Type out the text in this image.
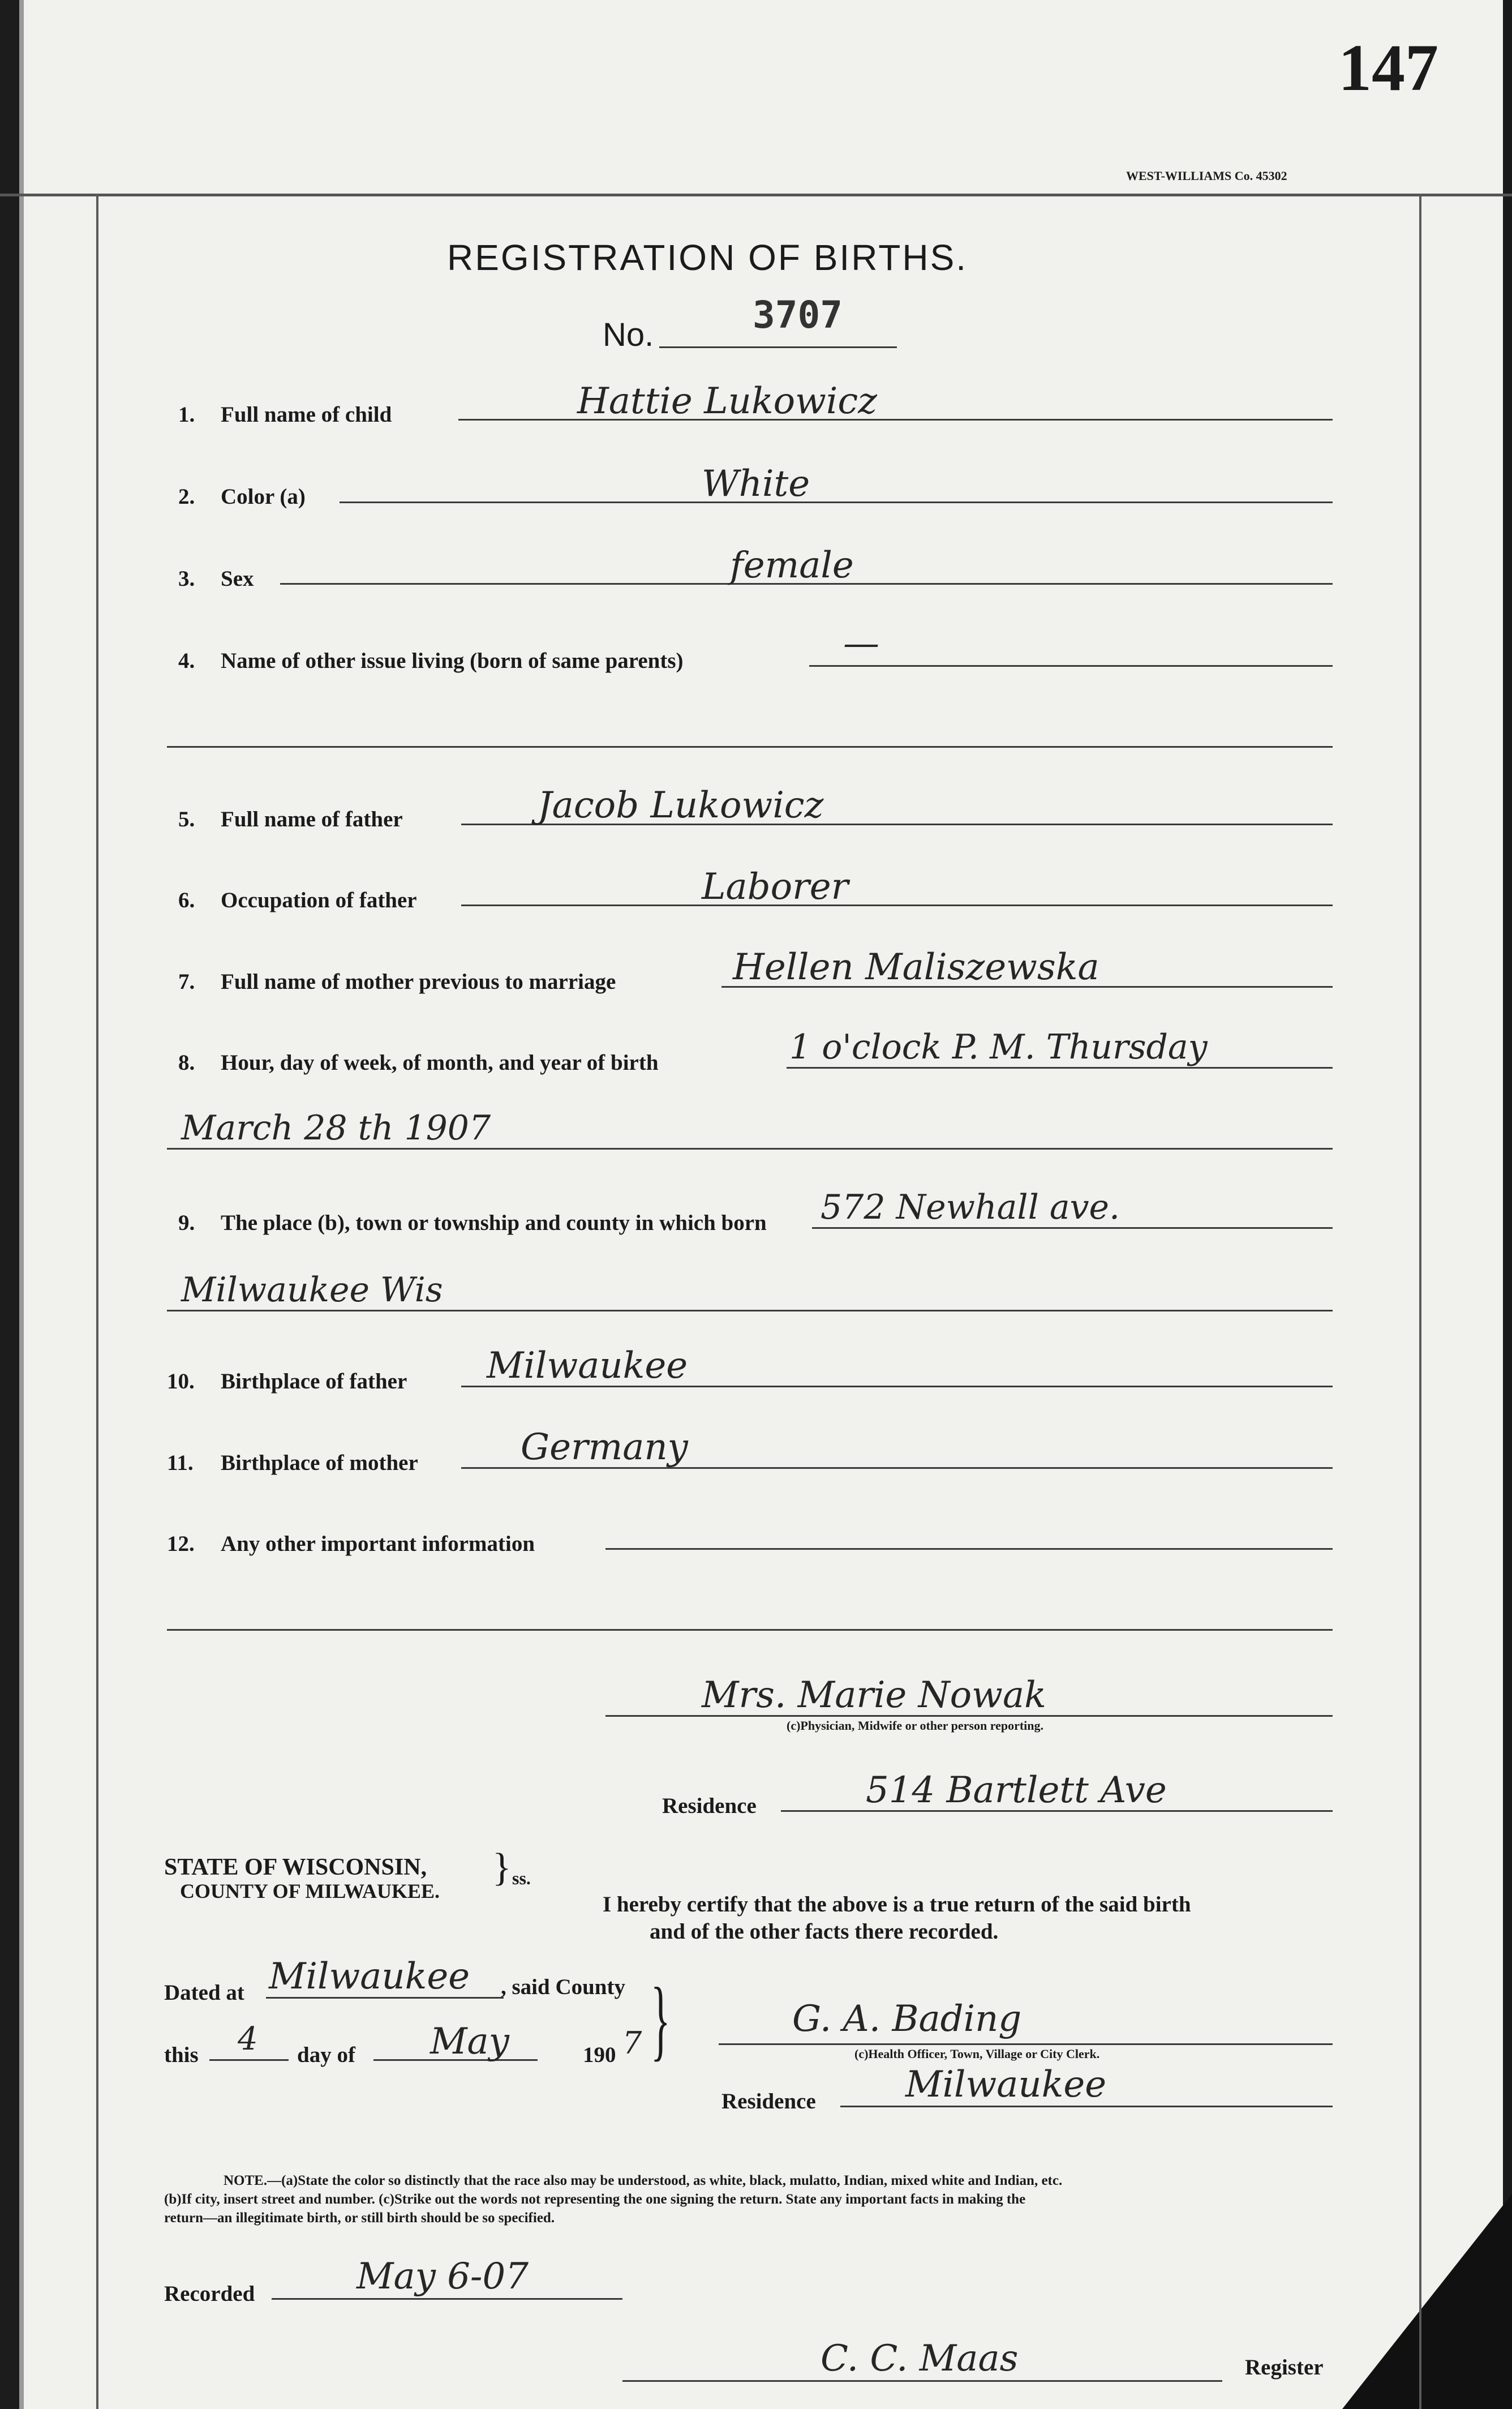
147
WEST-WILLIAMS Co. 45302
REGISTRATION OF BIRTHS.
No.	3707
1. Full name of child	Hattie Lukowicz
2. Color (a)	White
3. Sex	female
4. Name of other issue living (born of same parents)	—
5. Full name of father	Jacob Lukowicz
6. Occupation of father	Laborer
7. Full name of mother previous to marriage	Hellen Maliszewska
8. Hour, day of week, of month, and year of birth	1 o'clock P. M. Thursday
March 28 th 1907
9. The place (b), town or township and county in which born 572 Newhall ave.
Milwaukee Wis
10. Birthplace of father Milwaukee
11. Birthplace of mother	Germany
12. Any other important information
Mrs. Marie Nowak
(c)Physician, Midwife or other person reporting.
Residence	514 Bartlett Ave
STATE OF WISCONSIN,
COUNTY OF MILWAUKEE.
} ss.
I hereby certify that the above is a true return of the said birth
and of the other facts there recorded.
Dated at Milwaukee , said County }
this 4 day of May	190 7
G. A. Bading
(c)Health Officer, Town, Village or City Clerk.
Residence Milwaukee
NOTE.—(a)State the color so distinctly that the race also may be understood, as white, black, mulatto, Indian, mixed white and Indian, etc.
(b)If city, insert street and number. (c)Strike out the words not representing the one signing the return. State any important facts in making the
return—an illegitimate birth, or still birth should be so specified.
Recorded	May 6-07
C. C. Maas	Register
